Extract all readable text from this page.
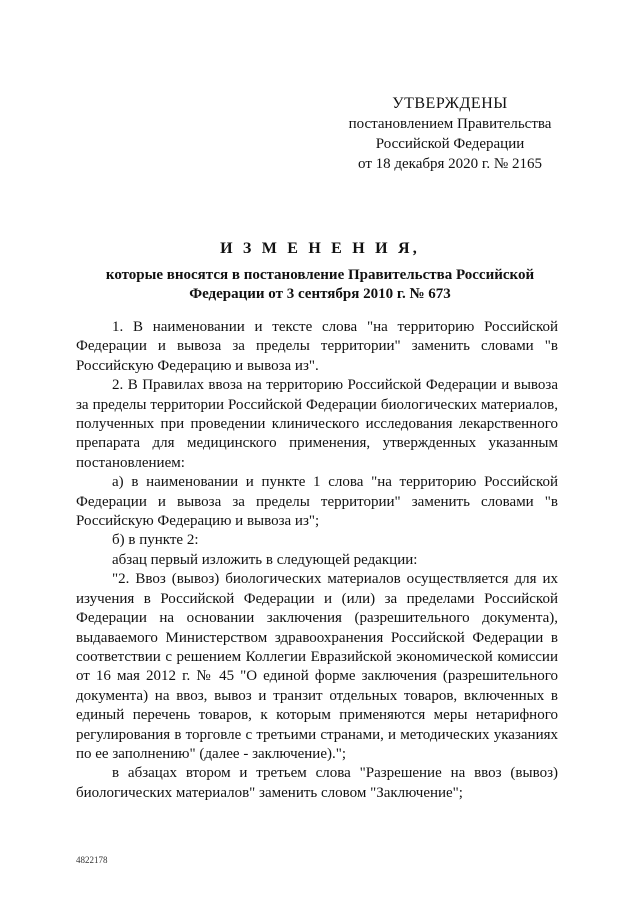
УТВЕРЖДЕНЫ
постановлением Правительства
Российской Федерации
от 18 декабря 2020 г. № 2165
И З М Е Н Е Н И Я,
которые вносятся в постановление Правительства Российской Федерации от 3 сентября 2010 г. № 673

1. В наименовании и тексте слова "на территорию Российской Федерации и вывоза за пределы территории" заменить словами "в Российскую Федерацию и вывоза из".

2. В Правилах ввоза на территорию Российской Федерации и вывоза за пределы территории Российской Федерации биологических материалов, полученных при проведении клинического исследования лекарственного препарата для медицинского применения, утвержденных указанным постановлением:

а) в наименовании и пункте 1 слова "на территорию Российской Федерации и вывоза за пределы территории" заменить словами "в Российскую Федерацию и вывоза из";

б) в пункте 2:

абзац первый изложить в следующей редакции:

"2. Ввоз (вывоз) биологических материалов осуществляется для их изучения в Российской Федерации и (или) за пределами Российской Федерации на основании заключения (разрешительного документа), выдаваемого Министерством здравоохранения Российской Федерации в соответствии с решением Коллегии Евразийской экономической комиссии от 16 мая 2012 г. № 45 "О единой форме заключения (разрешительного документа) на ввоз, вывоз и транзит отдельных товаров, включенных в единый перечень товаров, к которым применяются меры нетарифного регулирования в торговле с третьими странами, и методических указаниях по ее заполнению" (далее - заключение).";

в абзацах втором и третьем слова "Разрешение на ввоз (вывоз) биологических материалов" заменить словом "Заключение";

4822178
